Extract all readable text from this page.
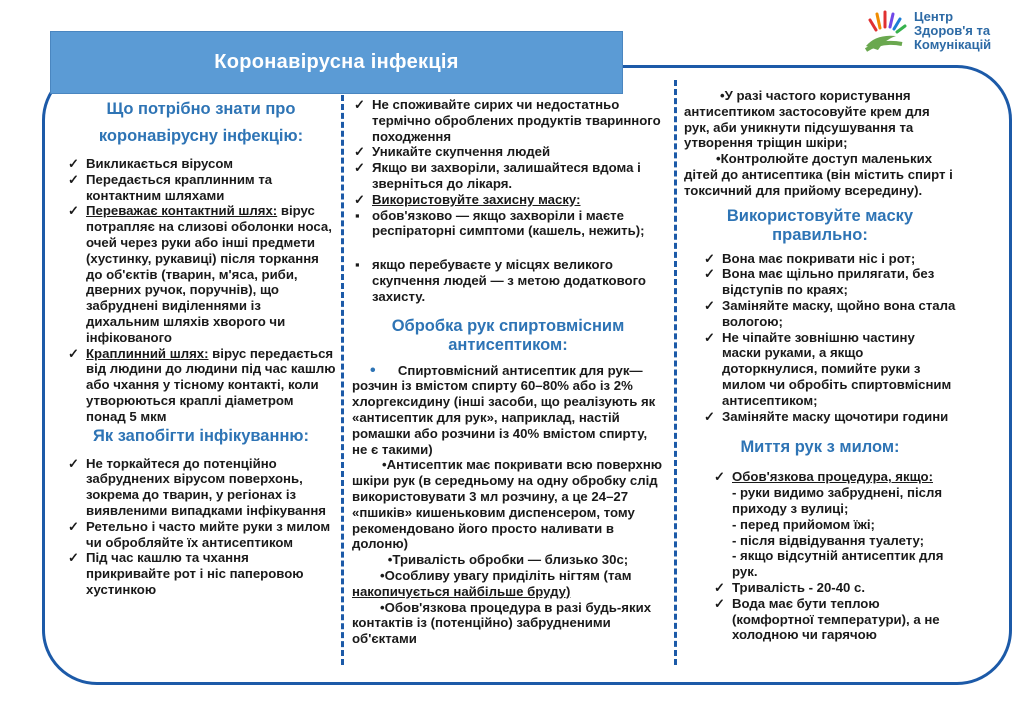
Коронавірусна інфекція
Центр
Здоров'я та
Комунікацій
Що потрібно знати про
коронавірусну інфекцію:
✓ Викликається вірусом
✓ Передається краплинним та контактним шляхами
✓ Переважає контактний шлях: вірус потрапляє на слизові оболонки носа, очей через руки або інші предмети (хустинку, рукавиці) після торкання до об'єктів (тварин, м'яса, риби, дверних ручок, поручнів), що забруднені виділеннями із дихальним шляхів хворого чи інфікованого
✓ Краплинний шлях: вірус передається від людини до людини під час кашлю або чхання у тісному контакті, коли утворюються краплі діаметром понад 5 мкм
Як запобігти інфікуванню:
✓ Не торкайтеся до потенційно забруднених вірусом поверхонь, зокрема до тварин, у регіонах із виявленими випадками інфікування
✓ Ретельно і часто мийте руки з милом чи обробляйте їх антисептиком
✓ Під час кашлю та чхання прикривайте рот і ніс паперовою хустинкою
✓ Не споживайте сирих чи недостатньо термічно оброблених продуктів тваринного походження
✓ Уникайте скупчення людей
✓ Якщо ви захворіли, залишайтеся вдома і зверніться до лікаря.
✓ Використовуйте захисну маску:
▪ обов'язково — якщо захворіли і маєте респіраторні симптоми (кашель, нежить);
▪ якщо перебуваєте у місцях великого скупчення людей — з метою додаткового захисту.
Обробка рук спиртовмісним антисептиком:
•     Спиртовмісний антисептик для рук— розчин із вмістом спирту 60–80% або із 2% хлоргексидину (інші засоби, що реалізують як «антисептик для рук», наприклад, настій ромашки або розчини із 40% вмістом спирту, не є такими)
•Антисептик має покривати всю поверхню шкіри рук (в середньому на одну обробку слід використовувати 3 мл розчину, а це 24–27 «пшиків» кишеньковим диспенсером, тому рекомендовано його просто наливати в долоню)
•Тривалість обробки — близько 30с;
•Особливу увагу приділіть нігтям (там накопичується найбільше бруду)
•Обов'язкова процедура в разі будь-яких контактів із (потенційно) забрудненими об'єктами
•У разі частого користування антисептиком застосовуйте крем для рук, аби уникнути підсушування та утворення тріщин шкіри;
•Контролюйте доступ маленьких дітей до антисептика (він містить спирт і токсичний для прийому всередину).
Використовуйте маску правильно:
✓ Вона має покривати ніс і рот;
✓ Вона має щільно прилягати, без відступів по краях;
✓ Заміняйте маску, щойно вона стала вологою;
✓ Не чіпайте зовнішню частину маски руками, а якщо доторкнулися, помийте руки з милом чи обробіть спиртовмісним антисептиком;
✓ Заміняйте маску щочотири години
Миття рук з милом:
✓ Обов'язкова процедура, якщо:
- руки видимо забруднені, після приходу з вулиці;
- перед прийомом їжі;
- після відвідування туалету;
- якщо відсутній антисептик для рук.
✓ Тривалість - 20-40 с.
✓ Вода має бути теплою (комфортної температури), а не холодною чи гарячою
